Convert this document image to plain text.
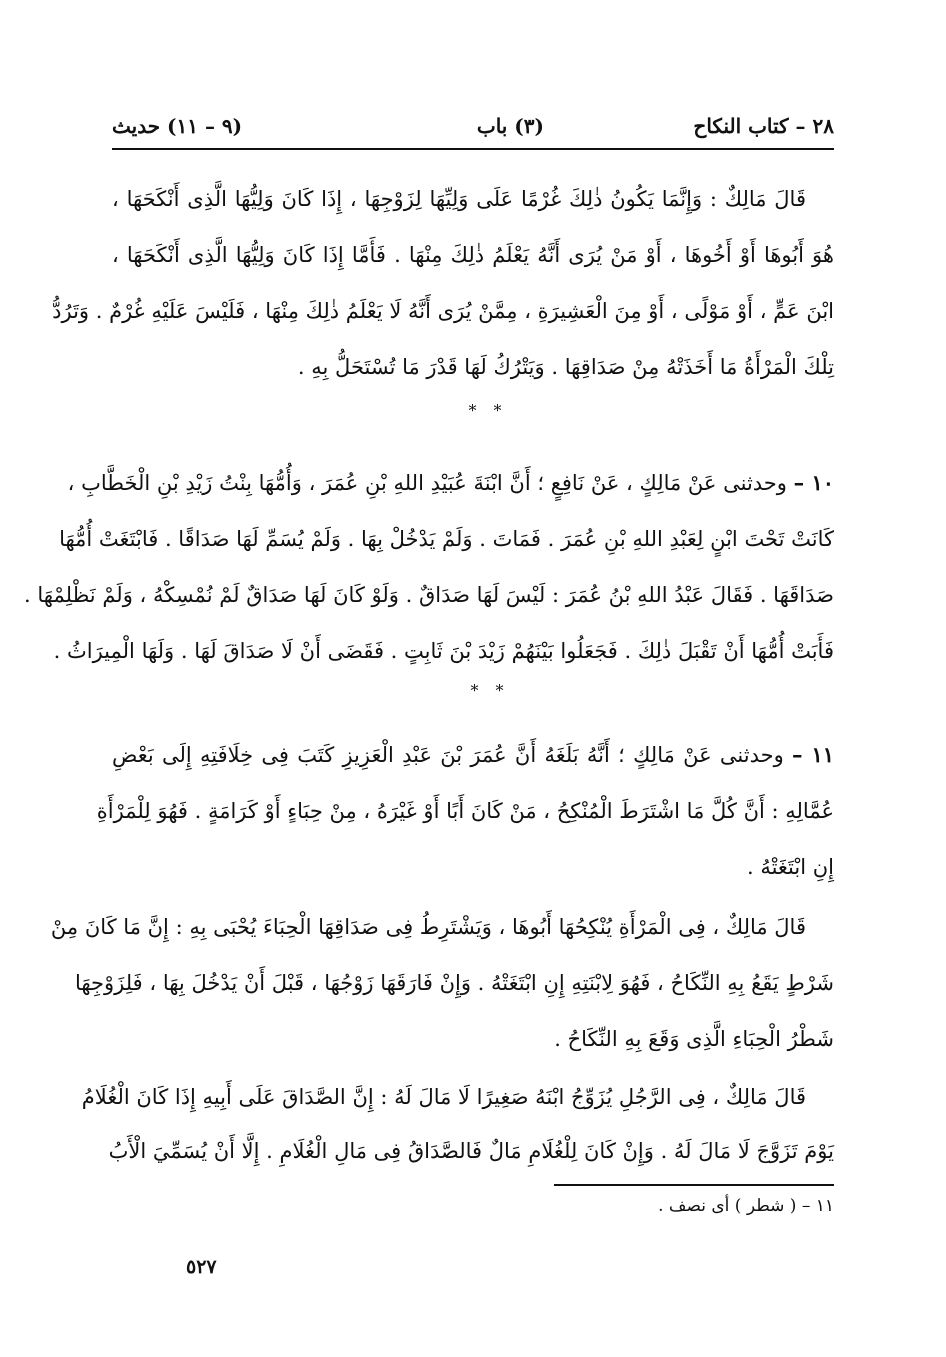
٢٨ – كتاب النكاح
(٣) باب
(٩ – ١١) حديث
قَالَ مَالِكٌ : وَإِنَّمَا يَكُونُ ذٰلِكَ غُرْمًا عَلَى وَلِيِّهَا لِزَوْجِهَا ، إِذَا كَانَ وَلِيُّهَا الَّذِى أَنْكَحَهَا ،
هُوَ أَبُوهَا أَوْ أَخُوهَا ، أَوْ مَنْ يُرَى أَنَّهُ يَعْلَمُ ذٰلِكَ مِنْهَا . فَأَمَّا إِذَا كَانَ وَلِيُّهَا الَّذِى أَنْكَحَهَا ،
ابْنَ عَمٍّ ، أَوْ مَوْلًى ، أَوْ مِنَ الْعَشِيرَةِ ، مِمَّنْ يُرَى أَنَّهُ لَا يَعْلَمُ ذٰلِكَ مِنْهَا ، فَلَيْسَ عَلَيْهِ غُرْمٌ . وَتَرُدُّ
تِلْكَ الْمَرْأَةُ مَا أَخَذَتْهُ مِنْ صَدَاقِهَا . وَيَتْرُكُ لَهَا قَدْرَ مَا تُسْتَحَلُّ بِهِ .
* *
١٠ – وحدثنى عَنْ مَالِكٍ ، عَنْ نَافِعٍ ؛ أَنَّ ابْنَةَ عُبَيْدِ اللهِ بْنِ عُمَرَ ، وَأُمُّهَا بِنْتُ زَيْدِ بْنِ الْخَطَّابِ ،
كَانَتْ تَحْتَ ابْنٍ لِعَبْدِ اللهِ بْنِ عُمَرَ . فَمَاتَ . وَلَمْ يَدْخُلْ بِهَا . وَلَمْ يُسَمِّ لَهَا صَدَاقًا . فَابْتَغَتْ أُمُّهَا
صَدَاقَهَا . فَقَالَ عَبْدُ اللهِ بْنُ عُمَرَ : لَيْسَ لَهَا صَدَاقٌ . وَلَوْ كَانَ لَهَا صَدَاقٌ لَمْ نُمْسِكْهُ ، وَلَمْ نَظْلِمْهَا .
فَأَبَتْ أُمُّهَا أَنْ تَقْبَلَ ذٰلِكَ . فَجَعَلُوا بَيْنَهُمْ زَيْدَ بْنَ ثَابِتٍ . فَقَضَى أَنْ لَا صَدَاقَ لَهَا . وَلَهَا الْمِيرَاثُ .
* *
١١ – وحدثنى عَنْ مَالِكٍ ؛ أَنَّهُ بَلَغَهُ أَنَّ عُمَرَ بْنَ عَبْدِ الْعَزِيزِ كَتَبَ فِى خِلَافَتِهِ إِلَى بَعْضِ
عُمَّالِهِ : أَنَّ كُلَّ مَا اشْتَرَطَ الْمُنْكِحُ ، مَنْ كَانَ أَبًا أَوْ غَيْرَهُ ، مِنْ حِبَاءٍ أَوْ كَرَامَةٍ . فَهُوَ لِلْمَرْأَةِ
إِنِ ابْتَغَتْهُ .
قَالَ مَالِكٌ ، فِى الْمَرْأَةِ يُنْكِحُهَا أَبُوهَا ، وَيَشْتَرِطُ فِى صَدَاقِهَا الْحِبَاءَ يُحْبَى بِهِ : إِنَّ مَا كَانَ مِنْ
شَرْطٍ يَقَعُ بِهِ النِّكَاحُ ، فَهُوَ لِابْنَتِهِ إِنِ ابْتَغَتْهُ . وَإِنْ فَارَقَهَا زَوْجُهَا ، قَبْلَ أَنْ يَدْخُلَ بِهَا ، فَلِزَوْجِهَا
شَطْرُ الْحِبَاءِ الَّذِى وَقَعَ بِهِ النِّكَاحُ .
قَالَ مَالِكٌ ، فِى الرَّجُلِ يُزَوِّجُ ابْنَهُ صَغِيرًا لَا مَالَ لَهُ : إِنَّ الصَّدَاقَ عَلَى أَبِيهِ إِذَا كَانَ الْغُلَامُ
يَوْمَ تَزَوَّجَ لَا مَالَ لَهُ . وَإِنْ كَانَ لِلْغُلَامِ مَالٌ فَالصَّدَاقُ فِى مَالِ الْغُلَامِ . إِلَّا أَنْ يُسَمِّيَ الْأَبُ
١١ – ( شطر ) أى نصف .
٥٢٧
